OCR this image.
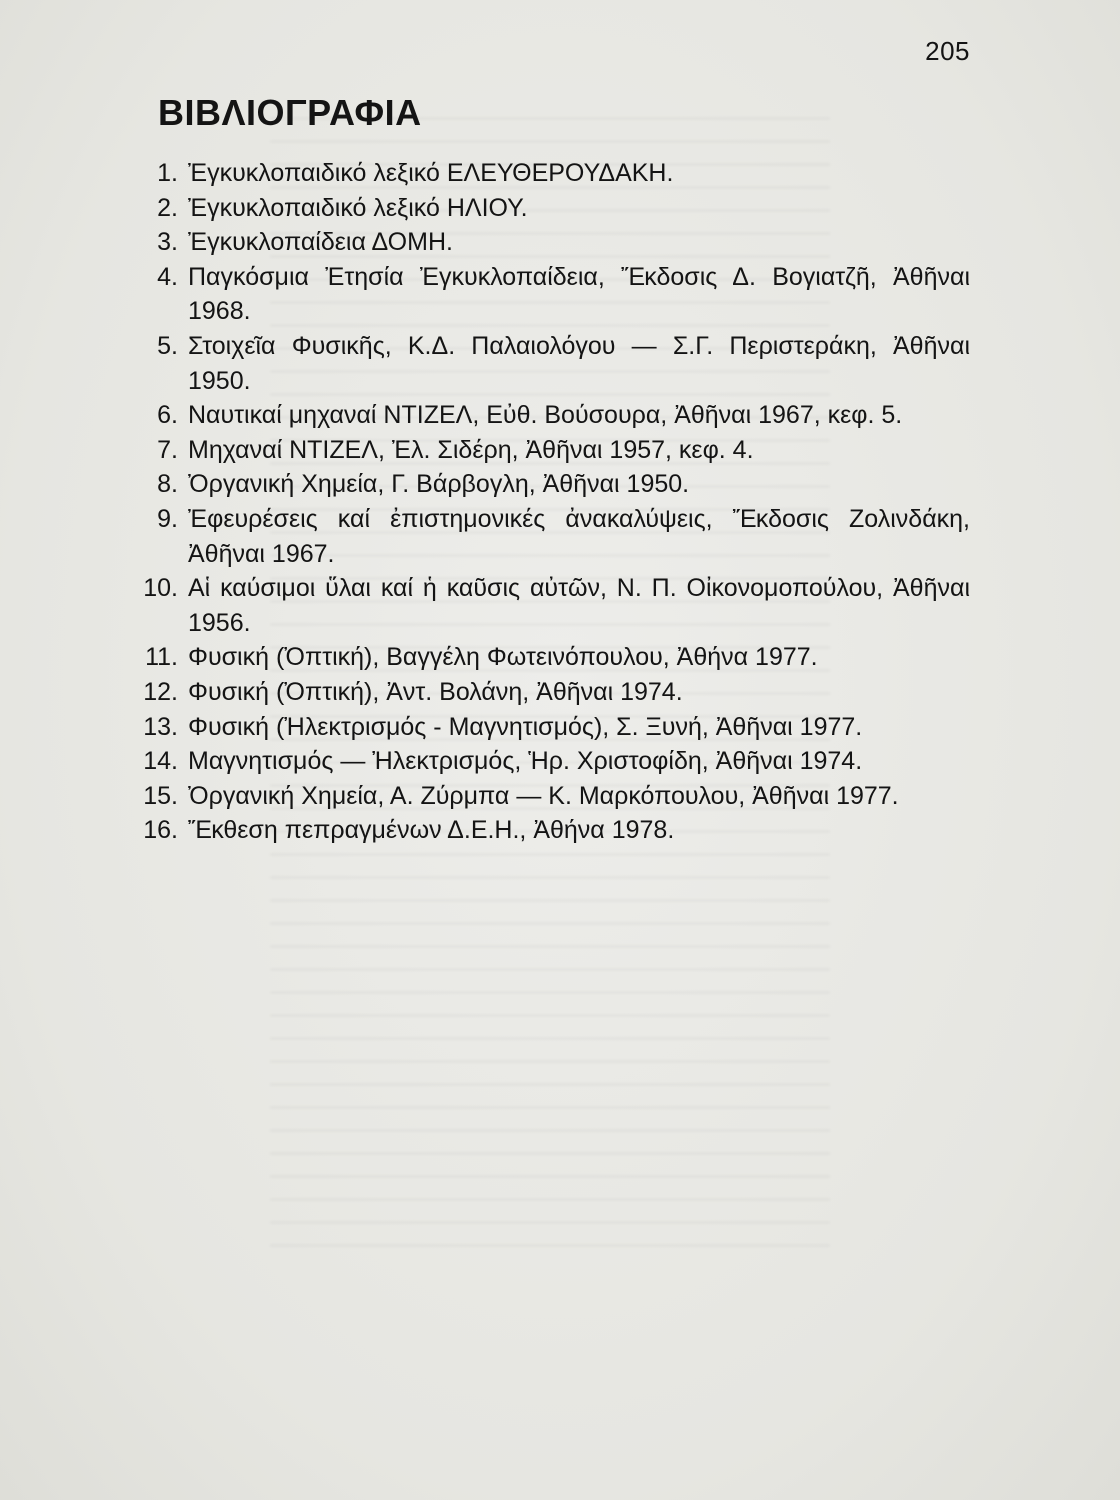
205
ΒΙΒΛΙΟΓΡΑΦΙΑ
1. Ἐγκυκλοπαιδικό λεξικό ΕΛΕΥΘΕΡΟΥΔΑΚΗ.
2. Ἐγκυκλοπαιδικό λεξικό ΗΛΙΟΥ.
3. Ἐγκυκλοπαίδεια ΔΟΜΗ.
4. Παγκόσμια Ἐτησία Ἐγκυκλοπαίδεια, Ἔκδοσις Δ. Βογιατζῆ, Ἀθῆναι 1968.
5. Στοιχεῖα Φυσικῆς, Κ.Δ. Παλαιολόγου — Σ.Γ. Περιστεράκη, Ἀθῆναι 1950.
6. Ναυτικαί μηχαναί ΝΤΙΖΕΛ, Εὐθ. Βούσουρα, Ἀθῆναι 1967, κεφ. 5.
7. Μηχαναί ΝΤΙΖΕΛ, Ἐλ. Σιδέρη, Ἀθῆναι 1957, κεφ. 4.
8. Ὀργανική Χημεία, Γ. Βάρβογλη, Ἀθῆναι 1950.
9. Ἐφευρέσεις καί ἐπιστημονικές ἀνακαλύψεις, Ἔκδοσις Ζολινδάκη, Ἀθῆναι 1967.
10. Αἱ καύσιμοι ὕλαι καί ἡ καῦσις αὐτῶν, Ν. Π. Οἰκονομοπούλου, Ἀθῆναι 1956.
11. Φυσική (Ὀπτική), Βαγγέλη Φωτεινόπουλου, Ἀθήνα 1977.
12. Φυσική (Ὀπτική), Ἀντ. Βολάνη, Ἀθῆναι 1974.
13. Φυσική (Ἠλεκτρισμός - Μαγνητισμός), Σ. Ξυνή, Ἀθῆναι 1977.
14. Μαγνητισμός — Ἠλεκτρισμός, Ἡρ. Χριστοφίδη, Ἀθῆναι 1974.
15. Ὀργανική Χημεία, Α. Ζύρμπα — Κ. Μαρκόπουλου, Ἀθῆναι 1977.
16. Ἔκθεση πεπραγμένων Δ.Ε.Η., Ἀθήνα 1978.
